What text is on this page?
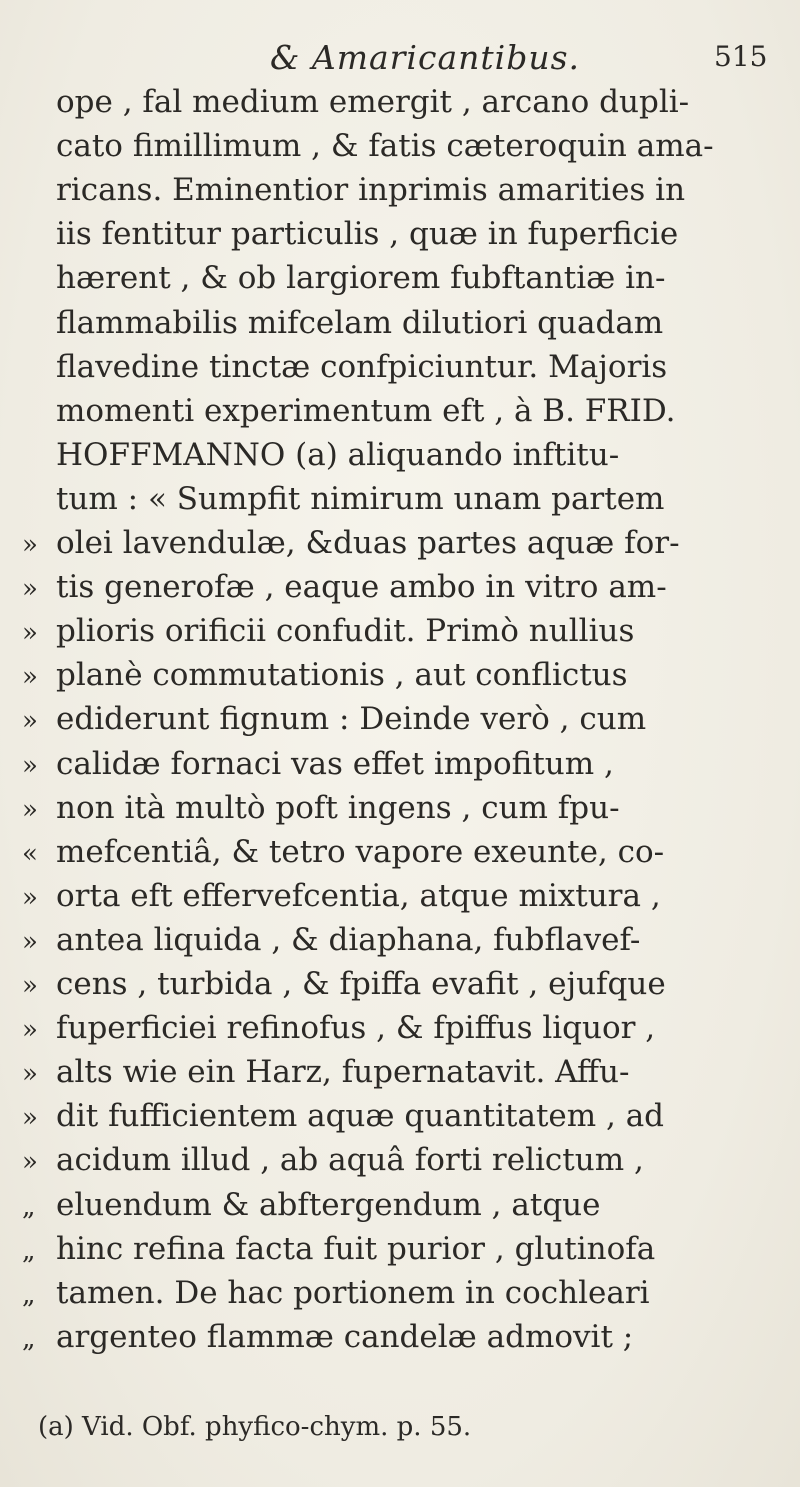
& Amaricantibus.	515
ope , fal medium emergit , arcano dupli-
cato fimillimum , & fatis cæteroquin ama-
ricans. Eminentior inprimis amarities in
iis fentitur particulis , quæ in fuperficie
hærent , & ob largiorem fubftantiæ in-
flammabilis mifcelam dilutiori quadam
flavedine tinctæ confpiciuntur. Majoris
momenti experimentum eft , à B. FRID.
HOFFMANNO (a) aliquando inftitu-
tum : « Sumpfit nimirum unam partem
» olei lavendulæ, &duas partes aquæ for-
» tis generofæ , eaque ambo in vitro am-
» plioris orificii confudit. Primò nullius
» planè commutationis , aut conflictus
» ediderunt fignum : Deinde verò , cum
» calidæ fornaci vas effet impofitum ,
» non ità multò poft ingens , cum fpu-
« mefcentiâ, & tetro vapore exeunte, co-
» orta eft effervefcentia, atque mixtura ,
» antea liquida , & diaphana, fubflavef-
» cens , turbida , & fpiffa evafit , ejufque
» fuperficiei refinofus , & fpiffus liquor ,
» alts wie ein Harz, fupernatavit. Affu-
» dit fufficientem aquæ quantitatem , ad
» acidum illud , ab aquâ forti relictum ,
„ eluendum & abftergendum , atque
„ hinc refina facta fuit purior , glutinofa
„ tamen. De hac portionem in cochleari
„ argenteo flammæ candelæ admovit ;
(a) Vid. Obf. phyfico-chym. p. 55.
